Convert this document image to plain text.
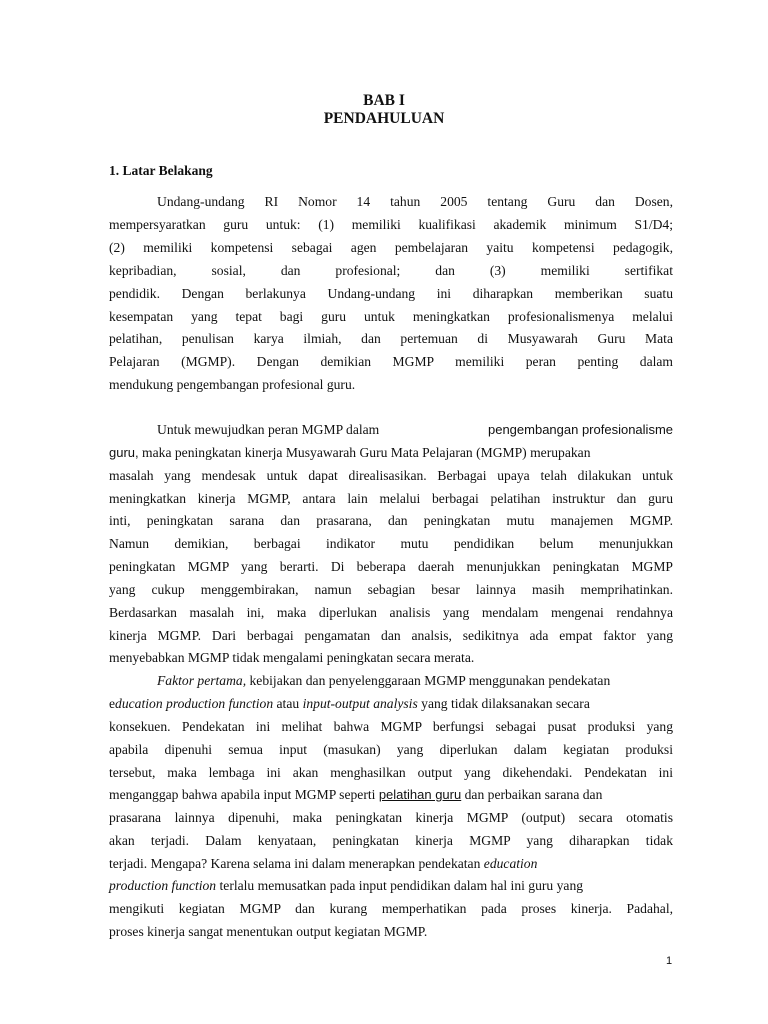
BAB I
PENDAHULUAN
1. Latar Belakang
Undang-undang RI Nomor 14 tahun 2005 tentang Guru dan Dosen,
mempersyaratkan guru untuk: (1) memiliki kualifikasi akademik minimum S1/D4;
(2) memiliki kompetensi sebagai agen pembelajaran yaitu kompetensi pedagogik,
kepribadian, sosial, dan profesional; dan (3) memiliki sertifikat
pendidik. Dengan berlakunya Undang-undang ini diharapkan memberikan suatu
kesempatan yang tepat bagi guru untuk meningkatkan profesionalismenya melalui
pelatihan, penulisan karya ilmiah, dan pertemuan di Musyawarah Guru Mata
Pelajaran (MGMP). Dengan demikian MGMP memiliki peran penting dalam
mendukung pengembangan profesional guru.
Untuk mewujudkan peran MGMP dalam	pengembangan profesionalisme
guru, maka peningkatan kinerja Musyawarah Guru Mata Pelajaran (MGMP) merupakan
masalah yang mendesak untuk dapat direalisasikan. Berbagai upaya telah dilakukan untuk
meningkatkan kinerja MGMP, antara lain melalui berbagai pelatihan instruktur dan guru
inti, peningkatan sarana dan prasarana, dan peningkatan mutu manajemen MGMP.
Namun demikian, berbagai indikator mutu pendidikan belum menunjukkan
peningkatan MGMP yang berarti. Di beberapa daerah menunjukkan peningkatan MGMP
yang cukup menggembirakan, namun sebagian besar lainnya masih memprihatinkan.
Berdasarkan masalah ini, maka diperlukan analisis yang mendalam mengenai rendahnya
kinerja MGMP. Dari berbagai pengamatan dan analsis, sedikitnya ada empat faktor yang
menyebabkan MGMP tidak mengalami peningkatan secara merata.
Faktor pertama, kebijakan dan penyelenggaraan MGMP menggunakan pendekatan
education production function atau input-output analysis yang tidak dilaksanakan secara
konsekuen. Pendekatan ini melihat bahwa MGMP berfungsi sebagai pusat produksi yang
apabila dipenuhi semua input (masukan) yang diperlukan dalam kegiatan produksi
tersebut, maka lembaga ini akan menghasilkan output yang dikehendaki. Pendekatan ini
menganggap bahwa apabila input MGMP seperti pelatihan guru dan perbaikan sarana dan
prasarana lainnya dipenuhi, maka peningkatan kinerja MGMP (output) secara otomatis
akan terjadi. Dalam kenyataan, peningkatan kinerja MGMP yang diharapkan tidak
terjadi. Mengapa? Karena selama ini dalam menerapkan pendekatan education
production function terlalu memusatkan pada input pendidikan dalam hal ini guru yang
mengikuti kegiatan MGMP dan kurang memperhatikan pada proses kinerja. Padahal,
proses kinerja sangat menentukan output kegiatan MGMP.
1
